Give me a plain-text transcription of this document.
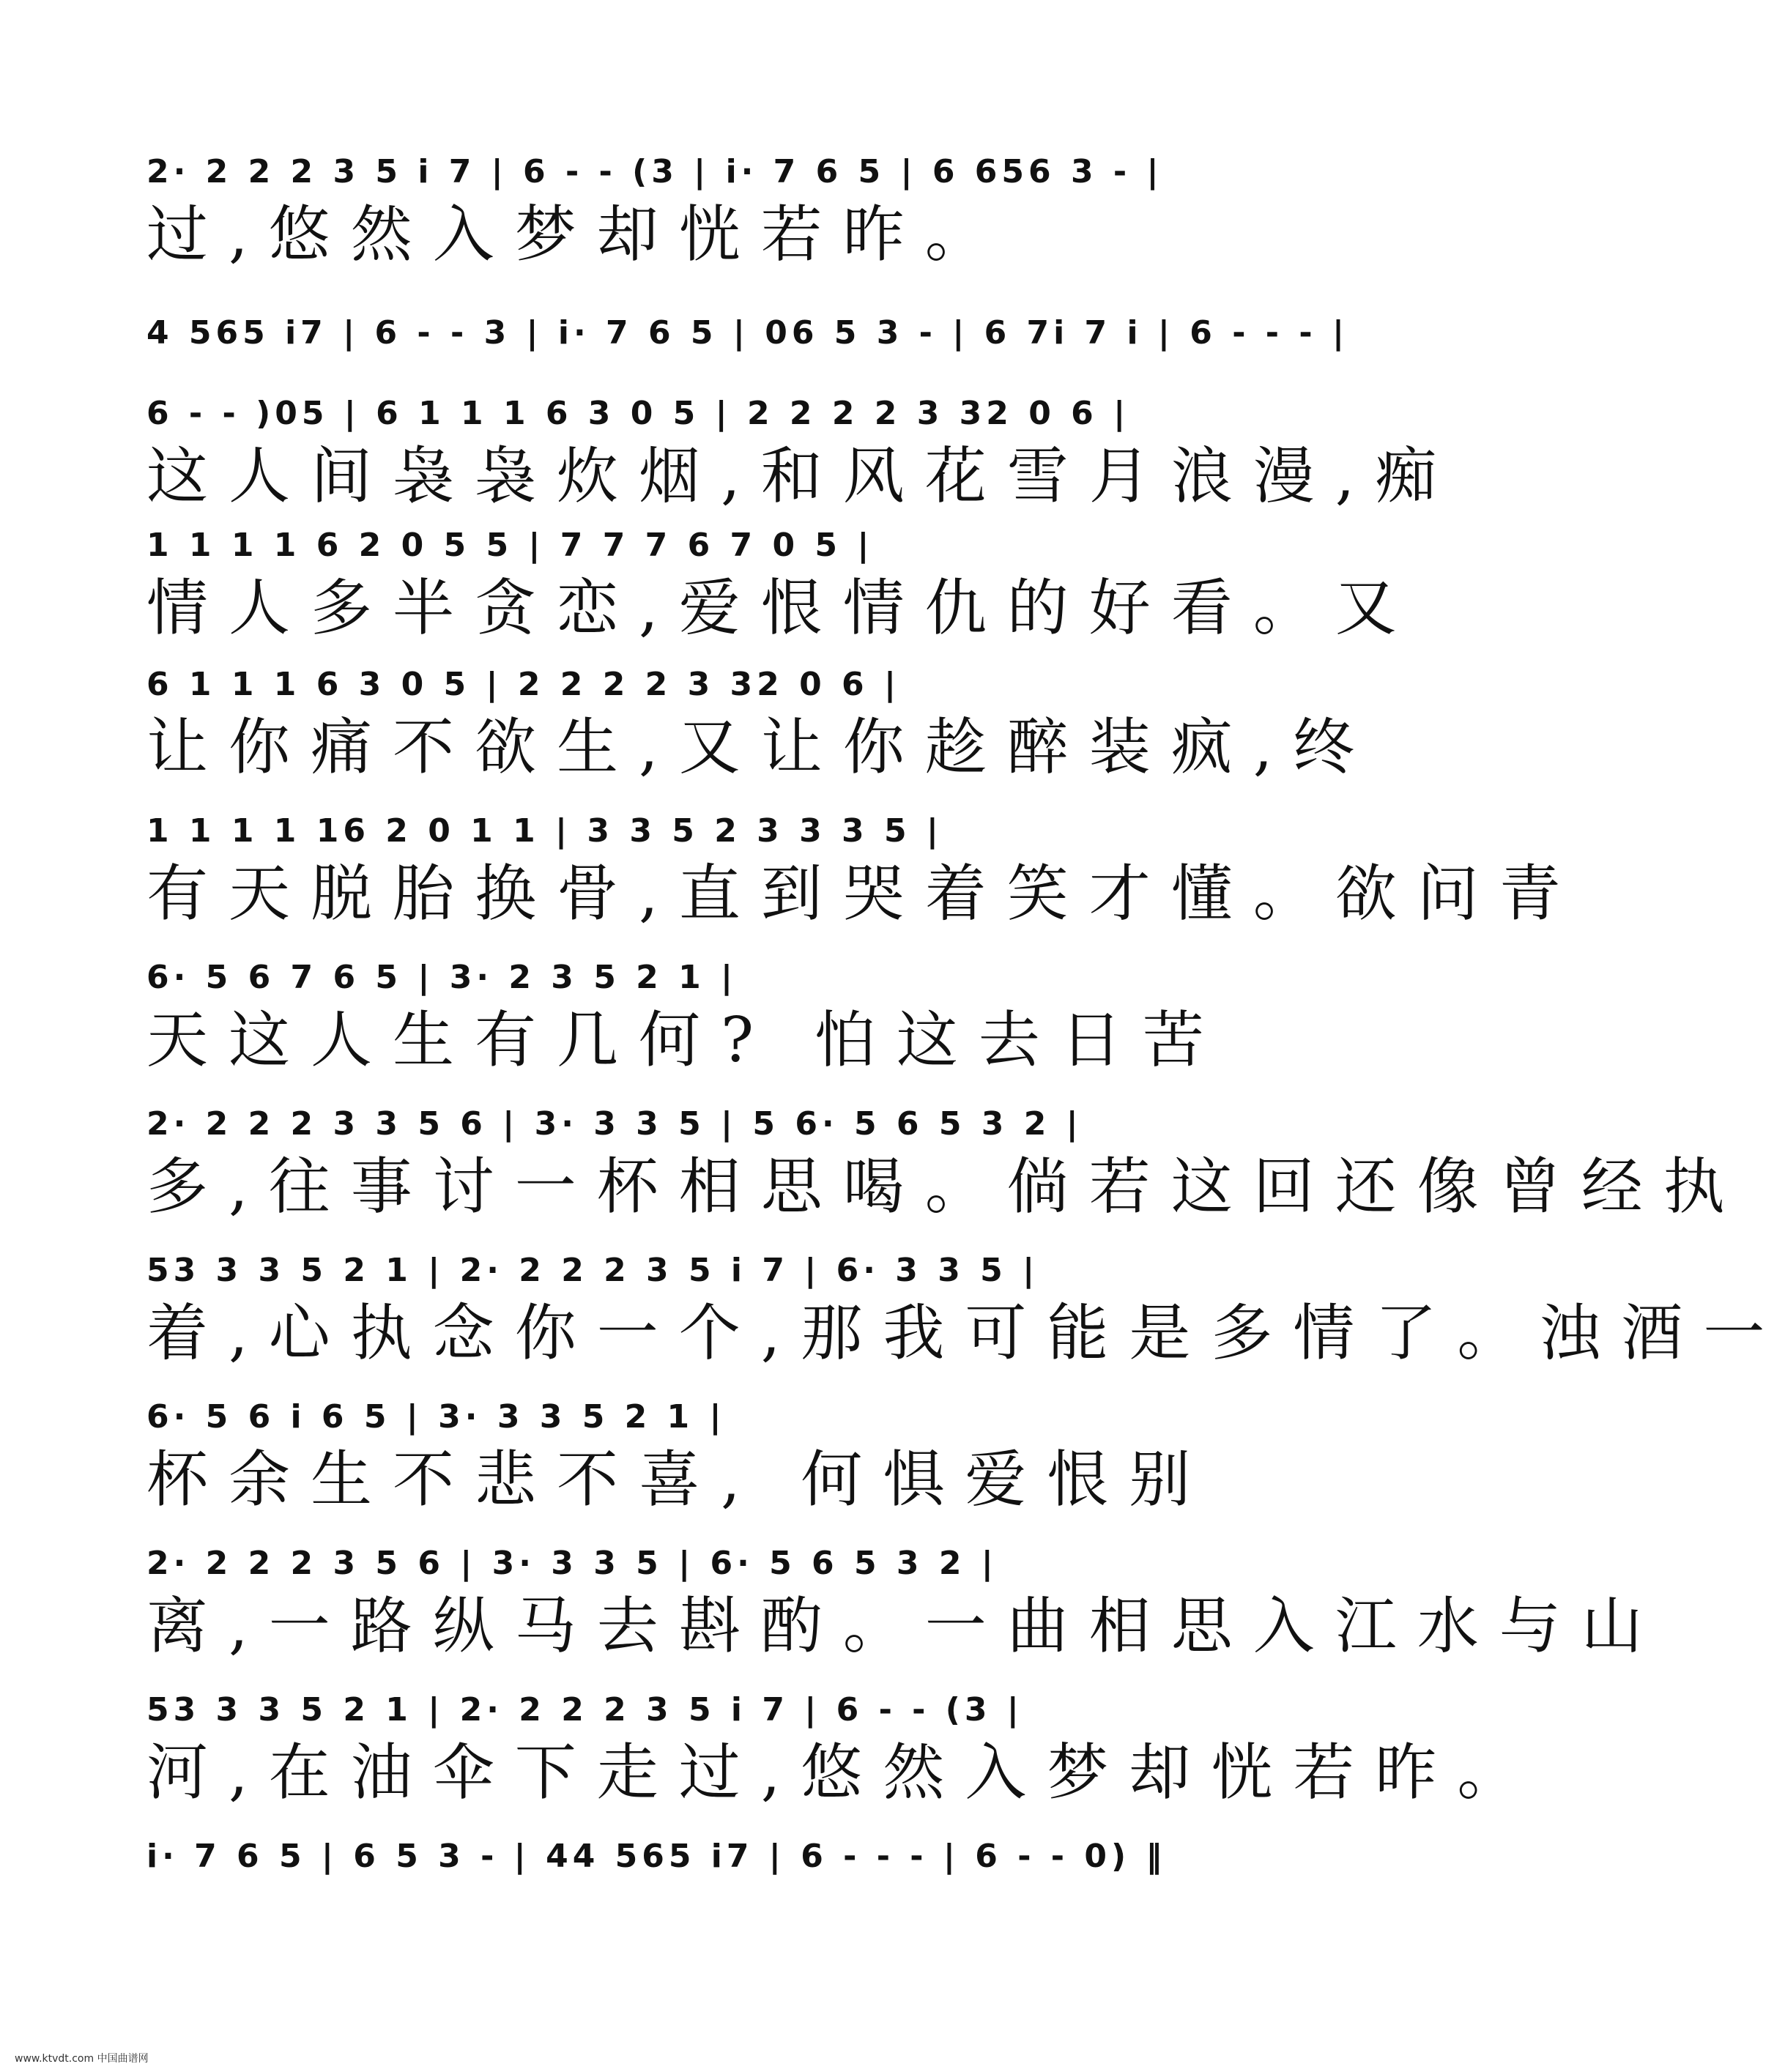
2· 2 2 2 3 5 i 7 | 6 - - (3 | i· 7 6 5 | 6 656 3 - |
过,悠然入梦却恍若昨。
4 565 i7 | 6 - - 3 | i· 7 6 5 | 06 5 3 - | 6 7i 7 i | 6 - - - |
6 - - )05 | 6 1 1 1 6 3 0 5 | 2 2 2 2 3 32 0 6 |
这人间袅袅炊烟,和风花雪月浪漫,痴
1 1 1 1 6 2 0 5 5 | 7 7 7 6 7 0 5 |
情人多半贪恋,爱恨情仇的好看。又
6 1 1 1 6 3 0 5 | 2 2 2 2 3 32 0 6 |
让你痛不欲生,又让你趁醉装疯,终
1 1 1 1 16 2 0 1 1 | 3 3 5 2 3 3 3 5 |
有天脱胎换骨,直到哭着笑才懂。欲问青
6· 5 6 7 6 5 | 3· 2 3 5 2 1 |
天这人生有几何? 怕这去日苦
2· 2 2 2 3 3 5 6 | 3· 3 3 5 | 5 6· 5 6 5 3 2 |
多,往事讨一杯相思喝。倘若这回还像曾经执
53 3 3 5 2 1 | 2· 2 2 2 3 5 i 7 | 6· 3 3 5 |
着,心执念你一个,那我可能是多情了。浊酒一
6· 5 6 i 6 5 | 3· 3 3 5 2 1 |
杯余生不悲不喜, 何惧爱恨别
2· 2 2 2 3 5 6 | 3· 3 3 5 | 6· 5 6 5 3 2 |
离,一路纵马去斟酌。一曲相思入江水与山
53 3 3 5 2 1 | 2· 2 2 2 3 5 i 7 | 6 - - (3 |
河,在油伞下走过,悠然入梦却恍若昨。
i· 7 6 5 | 6 5 3 - | 44 565 i7 | 6 - - - | 6 - - 0) ‖
www.ktvdt.com 中国曲谱网
